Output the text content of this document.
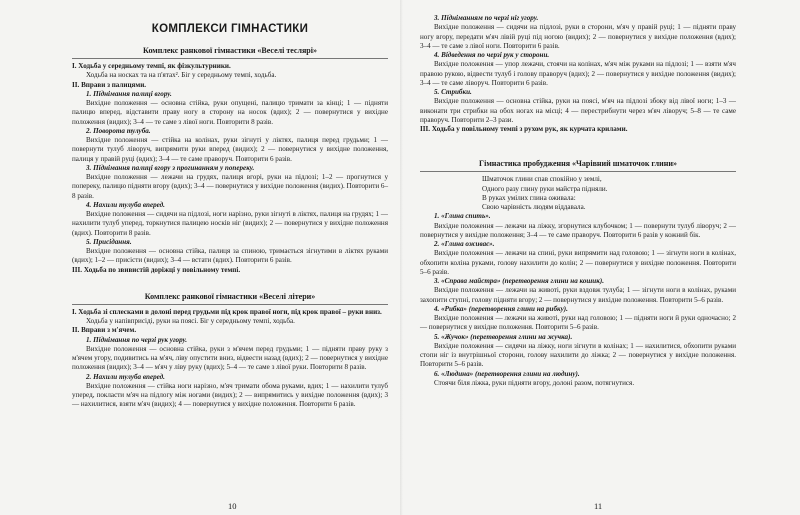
КОМПЛЕКСИ ГІМНАСТИКИ

Комплекс ранкової гімнастики «Веселі теслярі»

І. Ходьба у середньому темпі, як фізкультурники.

Ходьба на носках та на п'ятах². Біг у середньому темпі, ходьба.

ІІ. Вправи з палицями.

1. Піднімання палиці вгору.

Вихідне положення — основна стійка, руки опущені, палицю тримати за кінці; 1 — підняти палицю вперед, відставити праву ногу в сторону на носок (вдих); 2 — повернутися у вихідне положення (видих); 3–4 — те саме з лівої ноги. Повторити 8 разів.

2. Поворота тулуба.

Вихідне положення — стійка на колінах, руки зігнуті у ліктях, палиця перед грудьми; 1 — повернути тулуб ліворуч, випрямити руки вперед (видих); 2 — повернутися у вихідне положення, палиця у правій руці (вдих); 3–4 — те саме праворуч. Повторити 6 разів.

3. Піднімання палиці вгору з прогинанням у попереку.

Вихідне положення — лежачи на грудях, палиця вгорі, руки на підлозі; 1–2 — прогнутися у попереку, палицю підняти вгору (вдих); 3–4 — повернутися у вихідне положення (видих). Повторити 6–8 разів.

4. Нахили тулуба вперед.

Вихідне положення — сидячи на підлозі, ноги нарізно, руки зігнуті в ліктях, палиця на грудях; 1 — нахилити тулуб уперед, торкнутися палицею носків ніг (видих); 2 — повернутися у вихідне положення (вдих). Повторити 8 разів.

5. Присідання.

Вихідне положення — основна стійка, палиця за спиною, тримається зігнутими в ліктях руками (вдих); 1–2 — присісти (видих); 3–4 — встати (вдих). Повторити 6 разів.

ІІІ. Ходьба по звивистій доріжці у повільному темпі.

Комплекс ранкової гімнастики «Веселі літери»

І. Ходьба зі сплесками в долоні перед грудьми під крок правої ноги, під крок правої – руки вниз.

Ходьба у напівприсіді, руки на поясі. Біг у середньому темпі, ходьба.

ІІ. Вправи з м'ячем.

1. Піднімання по черзі рук угору.

Вихідне положення — основна стійка, руки з м'ячем перед грудьми; 1 — підняти праву руку з м'ячем угору, подивитись на м'яч, ліву опустити вниз, відвести назад (вдих); 2 — повернутися у вихідне положення (видих); 3–4 — м'яч у ліву руку (вдих); 5–4 — те саме з лівої руки. Повторити 8 разів.

2. Нахили тулуба вперед.

Вихідне положення — стійка ноги нарізно, м'яч тримати обома руками, вдих; 1 — нахилити тулуб уперед, покласти м'яч на підлогу між ногами (видих); 2 — випрямитись у вихідне положення (вдих); 3 — нахилитися, взяти м'яч (видих); 4 — повернутися у вихідне положення. Повторити 6 разів.

10

3. Підніманням по черзі ніг угору.

Вихідне положення — сидячи на підлозі, руки в сторони, м'яч у правій руці; 1 — підняти праву ногу вгору, передати м'яч лівій руці під ногою (видих); 2 — повернутися у вихідне положення (вдих); 3–4 — те саме з лівої ноги. Повторити 6 разів.

4. Відведення по черзі рук у сторони.

Вихідне положення — упор лежачи, стоячи на колінах, м'яч між руками на підлозі; 1 — взяти м'яч правою рукою, відвести тулуб і голову праворуч (вдих); 2 — повернутися у вихідне положення (видих); 3–4 — те саме ліворуч. Повторити 6 разів.

5. Стрибки.

Вихідне положення — основна стійка, руки на поясі, м'яч на підлозі збоку від лівої ноги; 1–3 — виконати три стрибки на обох ногах на місці; 4 — перестрибнути через м'яч ліворуч; 5–8 — те саме праворуч. Повторити 2–3 рази.

ІІІ. Ходьба у повільному темпі з рухом рук, як курчата крилами.

Гімнастика пробудження «Чарівний шматочок глини»

Шматочок глини спав спокійно у землі,

Одного разу глину руки майстра підняли.

В руках умілих глина оживала:

Свою чарівність людям віддавала.

1. «Глина спить».

Вихідне положення — лежачи на ліжку, згорнутися клубочком; 1 — повернути тулуб ліворуч; 2 — повернутися у вихідне положення; 3–4 — те саме праворуч. Повторити 6 разів у кожний бік.

2. «Глина оживає».

Вихідне положення — лежачи на спині, руки випрямити над головою; 1 — зігнути ноги в колінах, обхопити коліна руками, голову нахилити до колін; 2 — повернутися у вихідне положення. Повторити 5–6 разів.

3. «Справа майстра» (перетворення глини на кошик).

Вихідне положення — лежачи на животі, руки вздовж тулуба; 1 — зігнути ноги в колінах, руками захопити ступні, голову підняти вгору; 2 — повернутися у вихідне положення. Повторити 5–6 разів.

4. «Рибка» (перетворення глини на рибку).

Вихідне положення — лежачи на животі, руки над головою; 1 — підняти ноги й руки одночасно; 2 — повернутися у вихідне положення. Повторити 5–6 разів.

5. «Жучок» (перетворення глини на жучка).

Вихідне положення — сидячи на ліжку, ноги зігнути в колінах; 1 — нахилитися, обхопити руками стопи ніг із внутрішньої сторони, голову нахилити до ліжка; 2 — повернутися у вихідне положення. Повторити 5–6 разів.

6. «Людина» (перетворення глини на людину).

Стоячи біля ліжка, руки підняти вгору, долоні разом, потягнутися.

11
